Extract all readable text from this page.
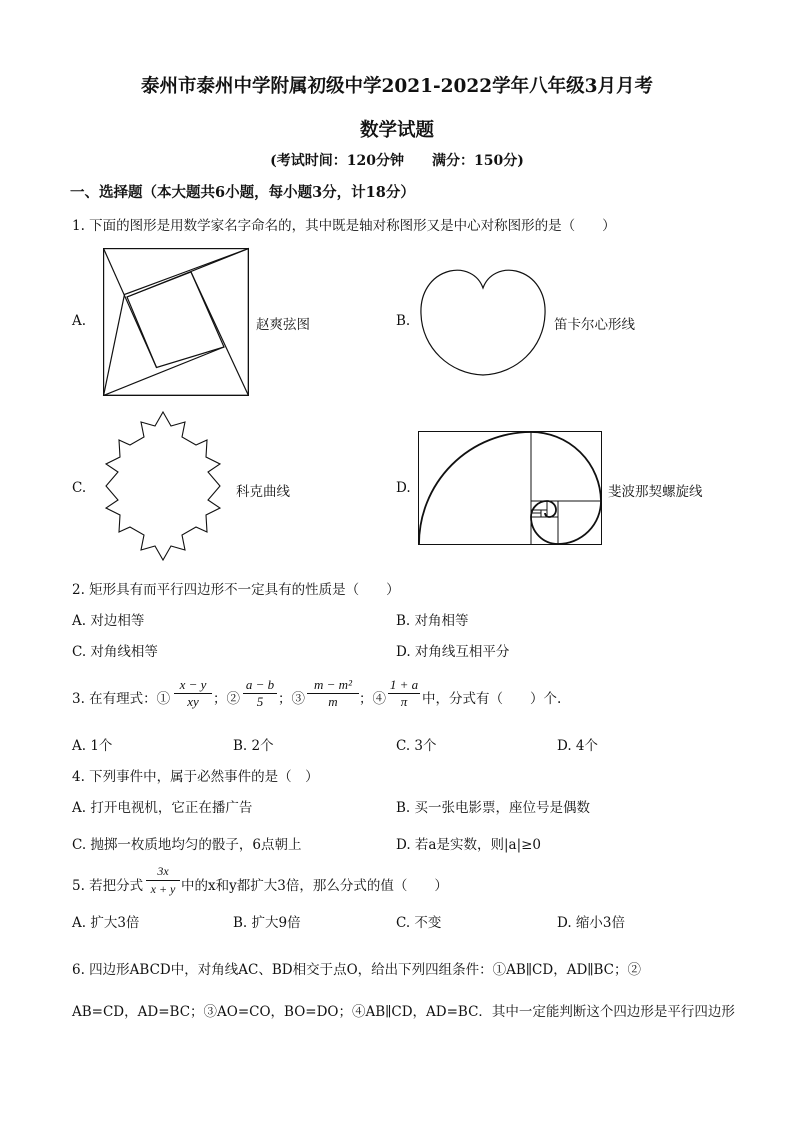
泰州市泰州中学附属初级中学2021-2022学年八年级3月月考
数学试题
(考试时间：120分钟　　满分：150分)
一、选择题（本大题共6小题，每小题3分，计18分）
1. 下面的图形是用数学家名字命名的，其中既是轴对称图形又是中心对称图形的是（　　）
A.	赵爽弦图	B.	笛卡尔心形线
C.	科克曲线	D.	斐波那契螺旋线
2. 矩形具有而平行四边形不一定具有的性质是（　　）
A. 对边相等	B. 对角相等
C. 对角线相等	D. 对角线互相平分
3. 在有理式：① $\frac{x - y}{xy}$ ；② $\frac{a - b}{5}$ ；③ $\frac{\text{m − m²}}{m}$ ；④ $\frac{1 + a}{\pi}$ 中，分式有（　　）个.
A. 1个	B. 2个	C. 3个	D. 4个
4. 下列事件中，属于必然事件的是（　）
A. 打开电视机，它正在播广告	B. 买一张电影票，座位号是偶数
C. 抛掷一枚质地均匀的骰子，6点朝上	D. 若a是实数，则|a|≥0
5. 若把分式 $\frac{3x}{x + y}$ 中的x和y都扩大3倍，那么分式的值（　　）
A. 扩大3倍	B. 扩大9倍	C. 不变	D. 缩小3倍
6. 四边形ABCD中，对角线AC、BD相交于点O，给出下列四组条件：①AB∥CD，AD∥BC；②
AB=CD，AD=BC；③AO=CO，BO=DO；④AB∥CD，AD=BC．其中一定能判断这个四边形是平行四边形
